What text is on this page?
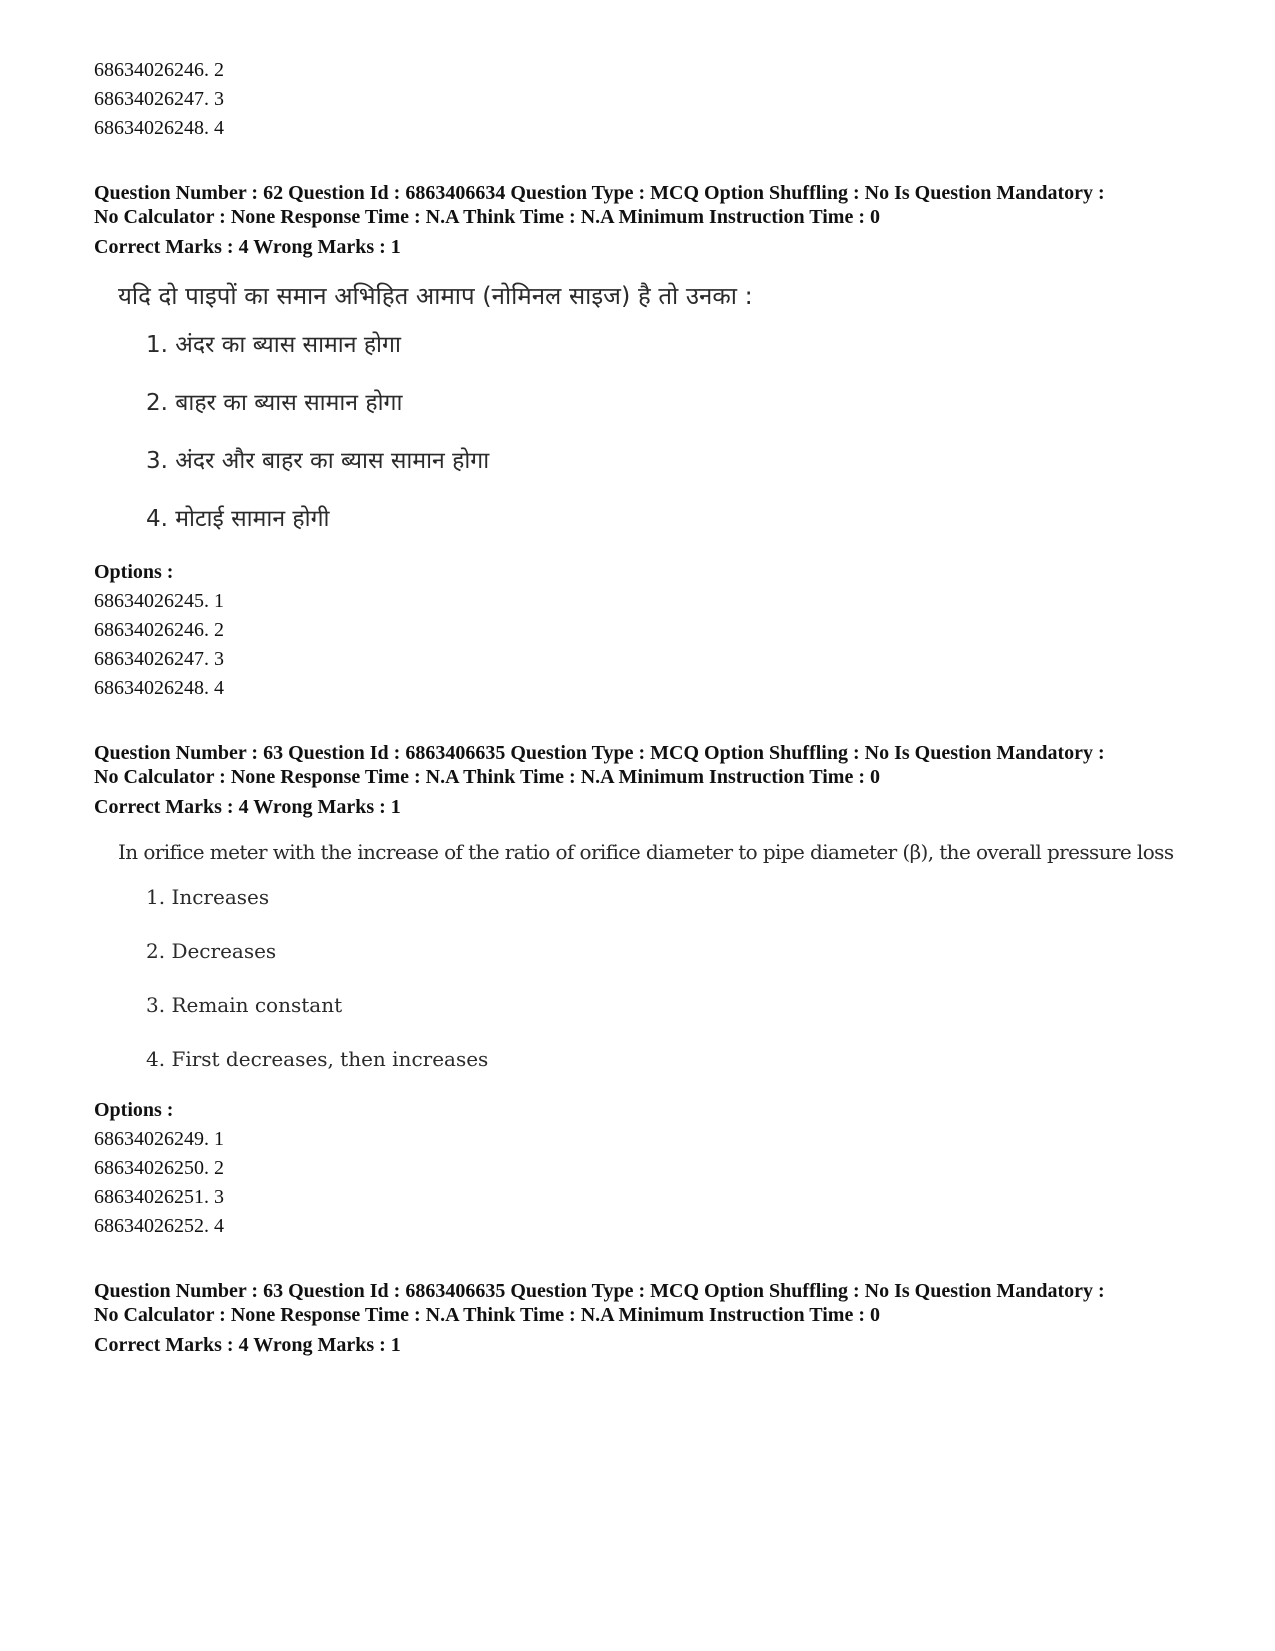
68634026246. 2
68634026247. 3
68634026248. 4
Question Number : 62 Question Id : 6863406634 Question Type : MCQ Option Shuffling : No Is Question Mandatory :
No Calculator : None Response Time : N.A Think Time : N.A Minimum Instruction Time : 0
Correct Marks : 4 Wrong Marks : 1
यदि दो पाइपों का समान अभिहित आमाप (नोमिनल साइज) है तो उनका :
1. अंदर का ब्यास सामान होगा
2. बाहर का ब्यास सामान होगा
3. अंदर और बाहर का ब्यास सामान होगा
4. मोटाई सामान होगी
Options :
68634026245. 1
68634026246. 2
68634026247. 3
68634026248. 4
Question Number : 63 Question Id : 6863406635 Question Type : MCQ Option Shuffling : No Is Question Mandatory :
No Calculator : None Response Time : N.A Think Time : N.A Minimum Instruction Time : 0
Correct Marks : 4 Wrong Marks : 1
In orifice meter with the increase of the ratio of orifice diameter to pipe diameter (β), the overall pressure loss
1. Increases
2. Decreases
3. Remain constant
4. First decreases, then increases
Options :
68634026249. 1
68634026250. 2
68634026251. 3
68634026252. 4
Question Number : 63 Question Id : 6863406635 Question Type : MCQ Option Shuffling : No Is Question Mandatory :
No Calculator : None Response Time : N.A Think Time : N.A Minimum Instruction Time : 0
Correct Marks : 4 Wrong Marks : 1
